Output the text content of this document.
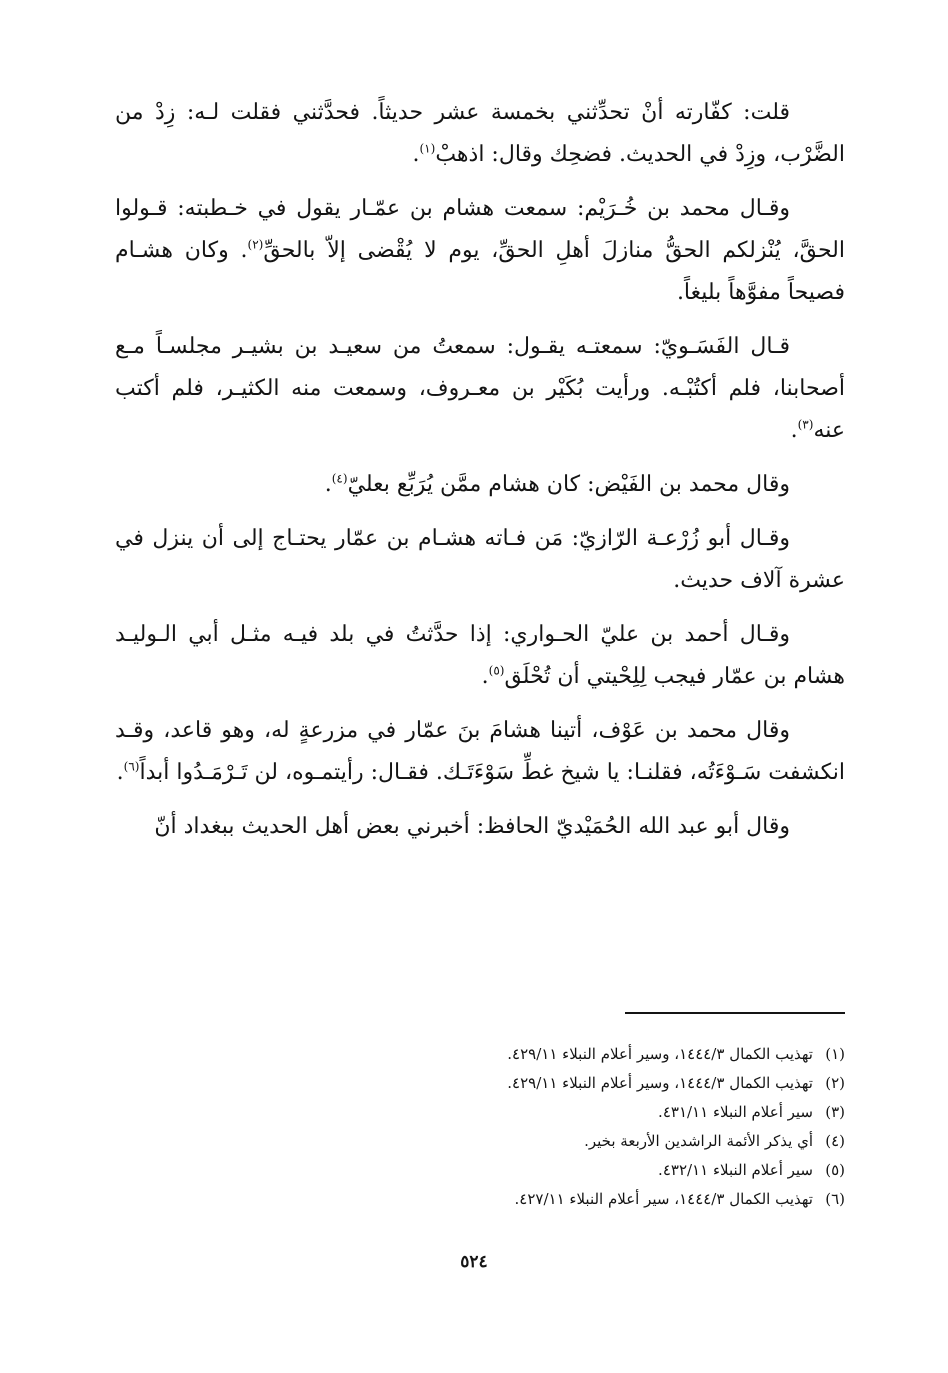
قلت: كفّارته أنْ تحدِّثني بخمسة عشر حديثاً. فحدَّثني فقلت لـه: زِدْ من الضَّرْب، وزِدْ في الحديث. فضحِك وقال: اذهبْ$^{(١)}$.

وقـال محمد بن خُـرَيْم: سمعت هشام بن عمّـار يقول في خـطبته: قـولوا الحقَّ، يُنْزلكم الحقُّ منازلَ أهلِ الحقِّ، يوم لا يُقْضى إلاّ بالحقِّ$^{(٢)}$. وكان هشـام فصيحاً مفوَّهاً بليغاً.

قـال الفَسَـويّ: سمعتـه يقـول: سمعتُ من سعيـد بن بشيـر مجلسـاً مـع أصحابنا، فلم أكتُبْـه. ورأيت بُكَيْر بن معـروف، وسمعت منه الكثيـر، فلم أكتب عنه$^{(٣)}$.

وقال محمد بن الفَيْض: كان هشام ممَّن يُرَبِّع بعليّ$^{(٤)}$.

وقـال أبو زُرْعـة الرّازيّ: مَن فـاته هشـام بن عمّار يحتـاج إلى أن ينزل في عشرة آلاف حديث.

وقـال أحمد بن عليّ الحـواري: إذا حدَّثتُ في بلد فيـه مثـل أبي الـوليـد هشام بن عمّار فيجب لِلِحْيتي أن تُحْلَق$^{(٥)}$.

وقال محمد بن عَوْف، أتينا هشامَ بنَ عمّار في مزرعةٍ له، وهو قاعد، وقـد انكشفت سَـوْءَتُه، فقلنـا: يا شيخ غطِّ سَوْءَتَـك. فقـال: رأيتمـوه، لن تَـرْمَـدُوا أبداً$^{(٦)}$.

وقال أبو عبد الله الحُمَيْديّ الحافظ: أخبرني بعض أهل الحديث ببغداد أنّ

(١)تهذيب الكمال ١٤٤٤/٣، وسير أعلام النبلاء ٤٢٩/١١.
(٢)تهذيب الكمال ١٤٤٤/٣، وسير أعلام النبلاء ٤٢٩/١١.
(٣)سير أعلام النبلاء ٤٣١/١١.
(٤)أي يذكر الأئمة الراشدين الأربعة بخير.
(٥)سير أعلام النبلاء ٤٣٢/١١.
(٦)تهذيب الكمال ١٤٤٤/٣، سير أعلام النبلاء ٤٢٧/١١.
٥٢٤
